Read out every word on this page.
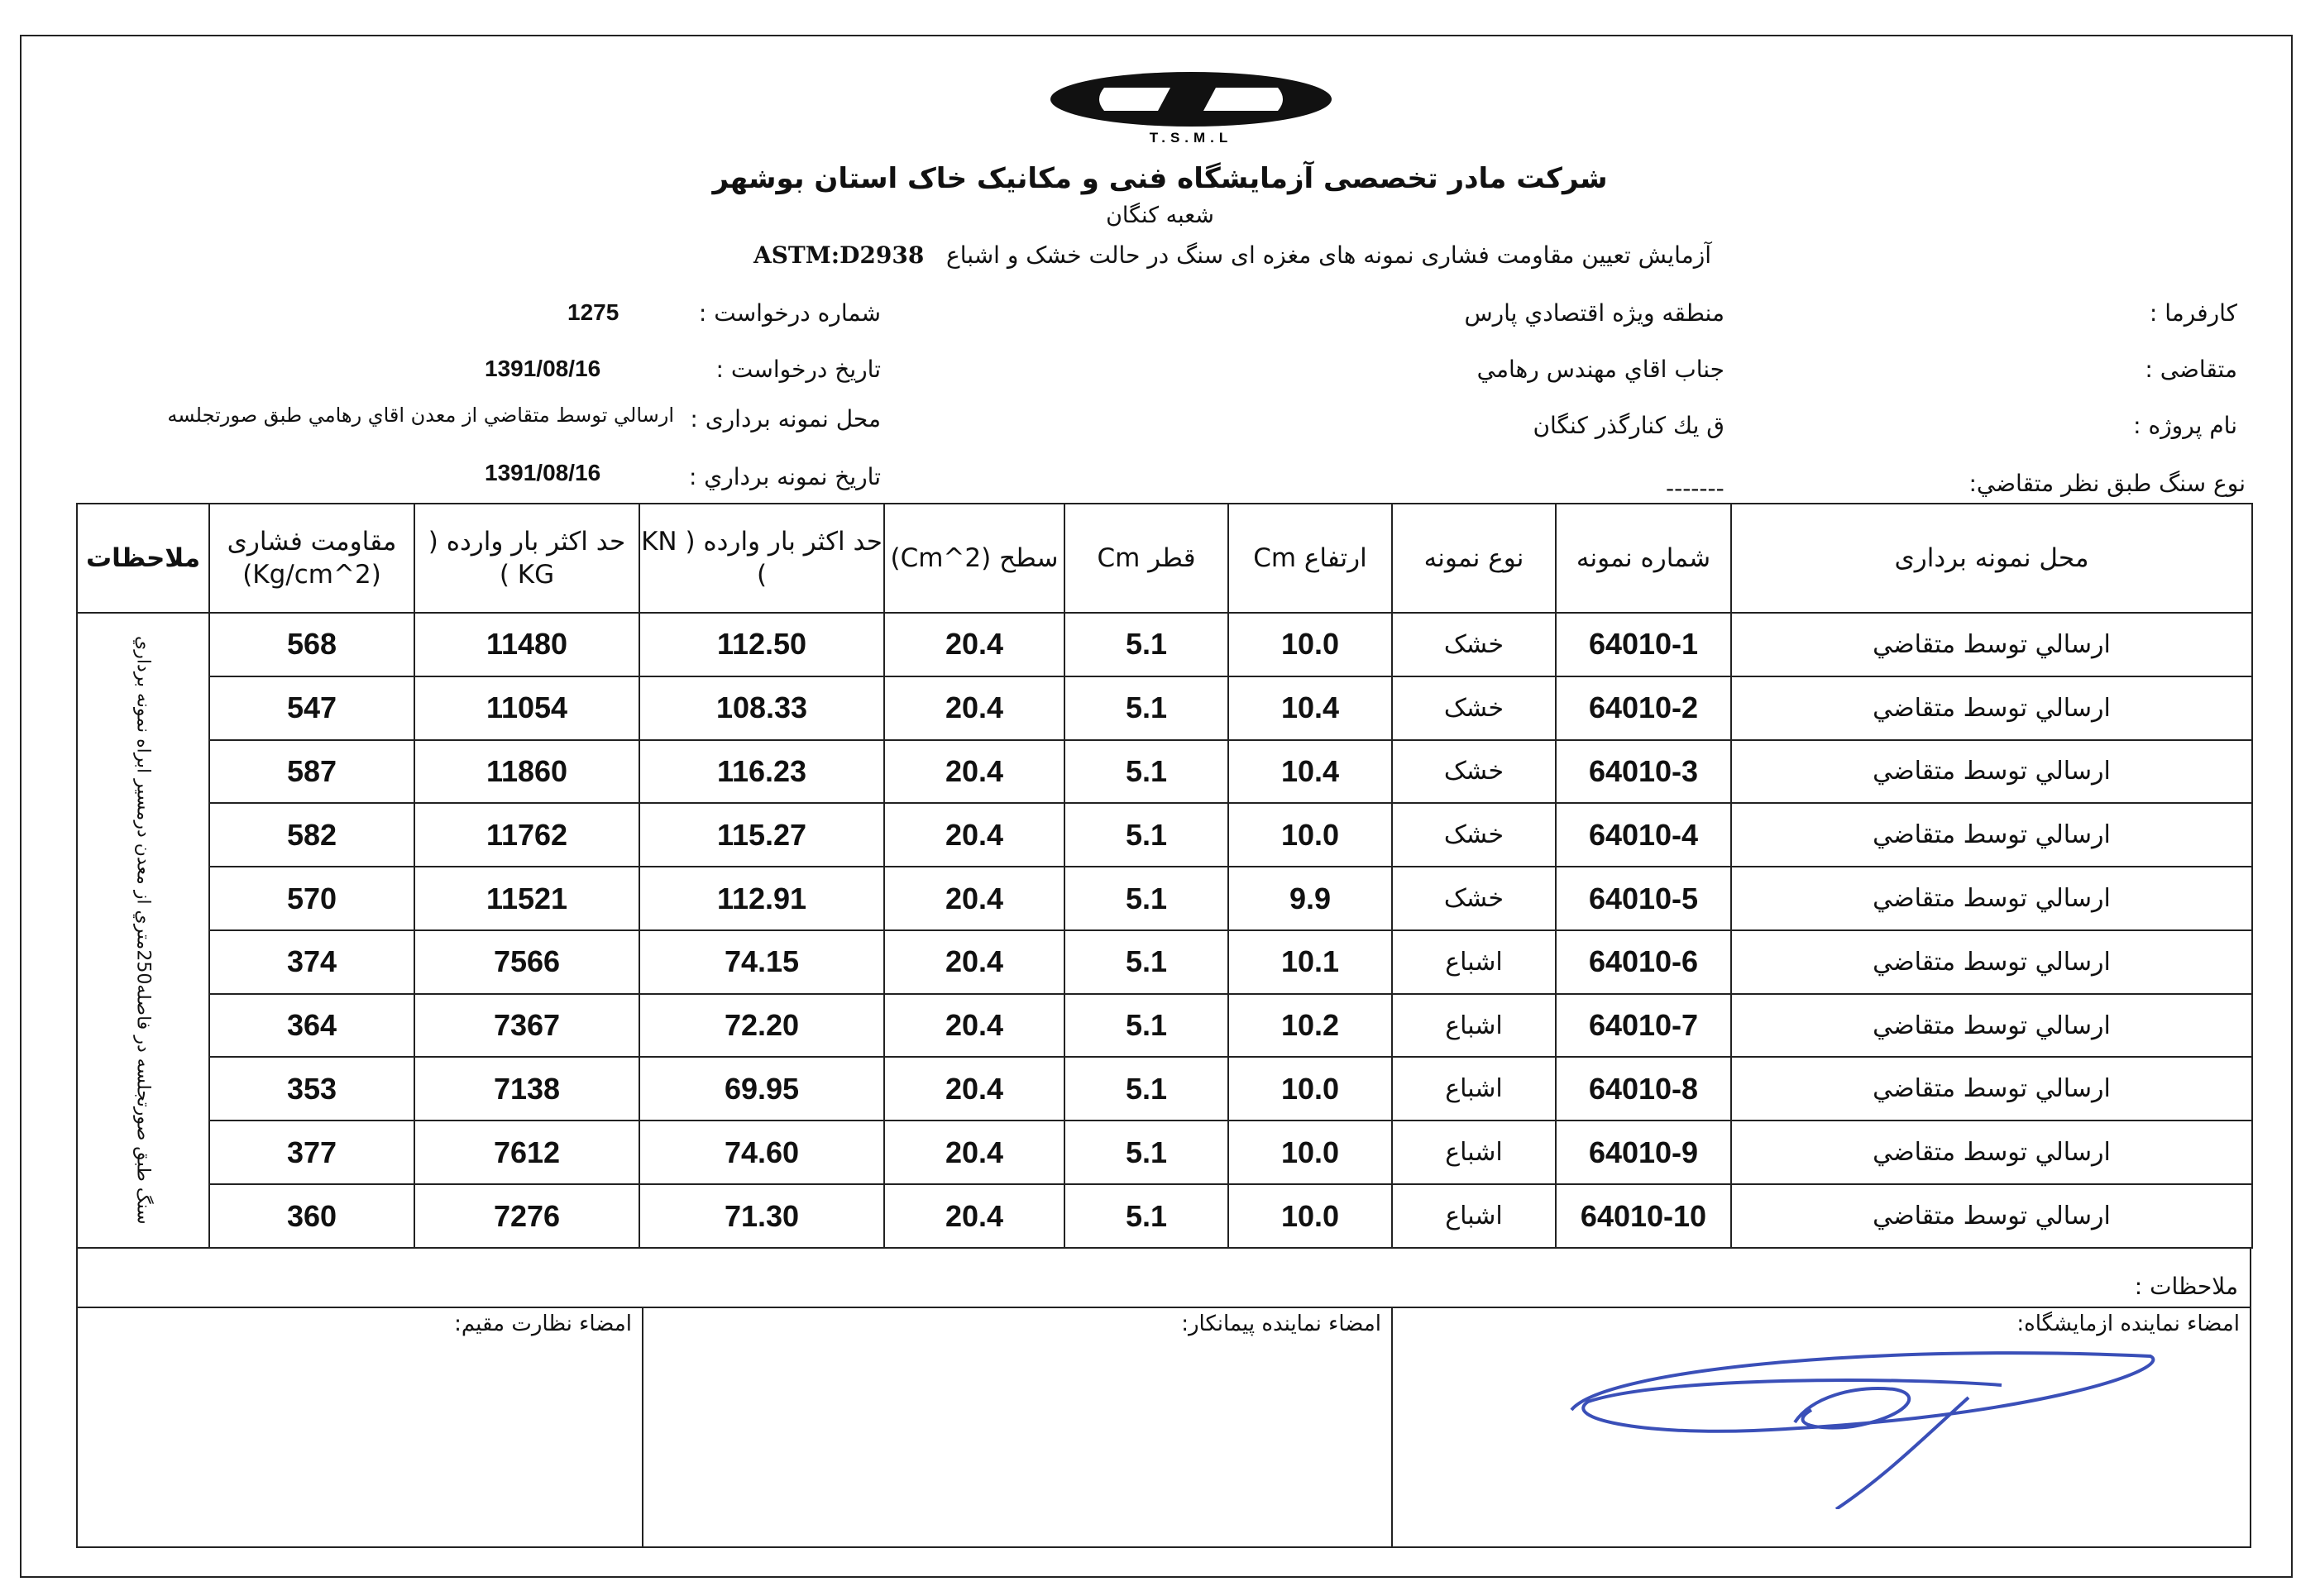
T.S.M.L
شرکت مادر تخصصی آزمایشگاه فنی و مکانیک خاک استان بوشهر
شعبه کنگان
ASTM:D2938 آزمایش تعیین مقاومت فشاری نمونه های مغزه ای سنگ در حالت خشک و اشباع
کارفرما :
منطقه ويژه اقتصادي پارس
متقاضی :
جناب اقاي مهندس رهامي
نام پروژه :
ق يك كنارگذر كنگان
نوع سنگ طبق نظر متقاضي:
-------
شماره درخواست :
1275
تاریخ درخواست :
1391/08/16
محل نمونه برداری :
ارسالي توسط متقاضي از معدن اقاي رهامي طبق صورتجلسه
تاريخ نمونه برداري :
1391/08/16
ملاحظات	مقاومت فشاری (Kg/cm^2)	حد اکثر بار وارده ( KG )	حد اکثر بار وارده ( KN )	سطح (Cm^2)	قطر Cm	ارتفاع Cm	نوع نمونه	شماره نمونه	محل نمونه برداری
سنگ طبق صورتجلسه در فاصله250متري از معدن درمسير ابراه نمونه برداري	568	11480	112.50	20.4	5.1	10.0	خشک	64010-1	ارسالي توسط متقاضي
	547	11054	108.33	20.4	5.1	10.4	خشک	64010-2	ارسالي توسط متقاضي
	587	11860	116.23	20.4	5.1	10.4	خشک	64010-3	ارسالي توسط متقاضي
	582	11762	115.27	20.4	5.1	10.0	خشک	64010-4	ارسالي توسط متقاضي
	570	11521	112.91	20.4	5.1	9.9	خشک	64010-5	ارسالي توسط متقاضي
	374	7566	74.15	20.4	5.1	10.1	اشباع	64010-6	ارسالي توسط متقاضي
	364	7367	72.20	20.4	5.1	10.2	اشباع	64010-7	ارسالي توسط متقاضي
	353	7138	69.95	20.4	5.1	10.0	اشباع	64010-8	ارسالي توسط متقاضي
	377	7612	74.60	20.4	5.1	10.0	اشباع	64010-9	ارسالي توسط متقاضي
	360	7276	71.30	20.4	5.1	10.0	اشباع	64010-10	ارسالي توسط متقاضي
ملاحظات :
امضاء نماينده ازمايشگاه:
امضاء نماينده پيمانكار:
امضاء نظارت مقيم:
